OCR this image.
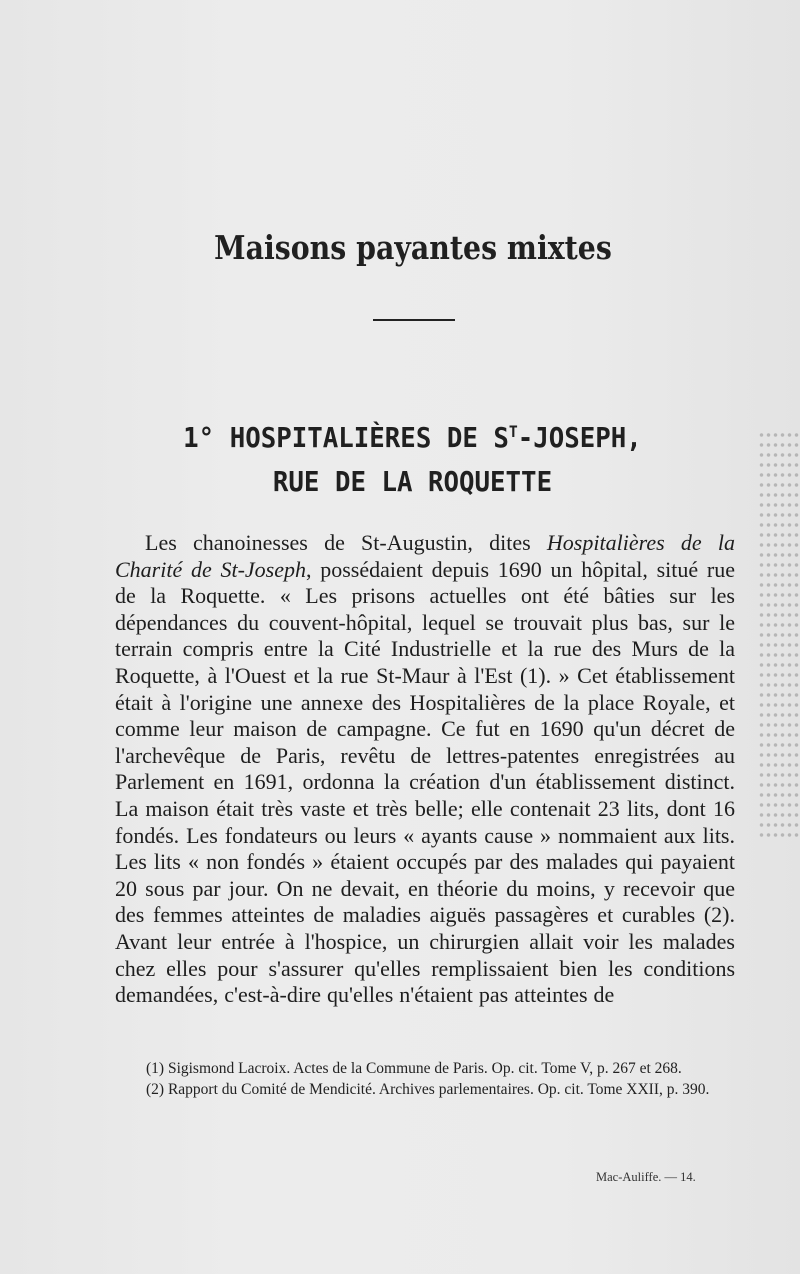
Maisons payantes mixtes
1° HOSPITALIÈRES DE $S^T$-JOSEPH,
RUE DE LA ROQUETTE

Les chanoinesses de St-Augustin, dites Hospitalières de la Charité de St-Joseph, possédaient depuis 1690 un hôpital, situé rue de la Roquette. « Les prisons actuelles ont été bâties sur les dépendances du couvent-hôpital, lequel se trouvait plus bas, sur le terrain compris entre la Cité Industrielle et la rue des Murs de la Roquette, à l'Ouest et la rue St-Maur à l'Est (1). » Cet établissement était à l'origine une annexe des Hospitalières de la place Royale, et comme leur maison de campagne. Ce fut en 1690 qu'un décret de l'archevêque de Paris, revêtu de lettres-patentes enregistrées au Parlement en 1691, ordonna la création d'un établissement distinct. La maison était très vaste et très belle; elle contenait 23 lits, dont 16 fondés. Les fondateurs ou leurs « ayants cause » nommaient aux lits. Les lits « non fondés » étaient occupés par des malades qui payaient 20 sous par jour. On ne devait, en théorie du moins, y recevoir que des femmes atteintes de maladies aiguës passagères et curables (2). Avant leur entrée à l'hospice, un chirurgien allait voir les malades chez elles pour s'assurer qu'elles remplissaient bien les conditions demandées, c'est-à-dire qu'elles n'étaient pas atteintes de

(1) Sigismond Lacroix. Actes de la Commune de Paris. Op. cit. Tome V, p. 267 et 268.

(2) Rapport du Comité de Mendicité. Archives parlementaires. Op. cit. Tome XXII, p. 390.

Mac-Auliffe. — 14.
